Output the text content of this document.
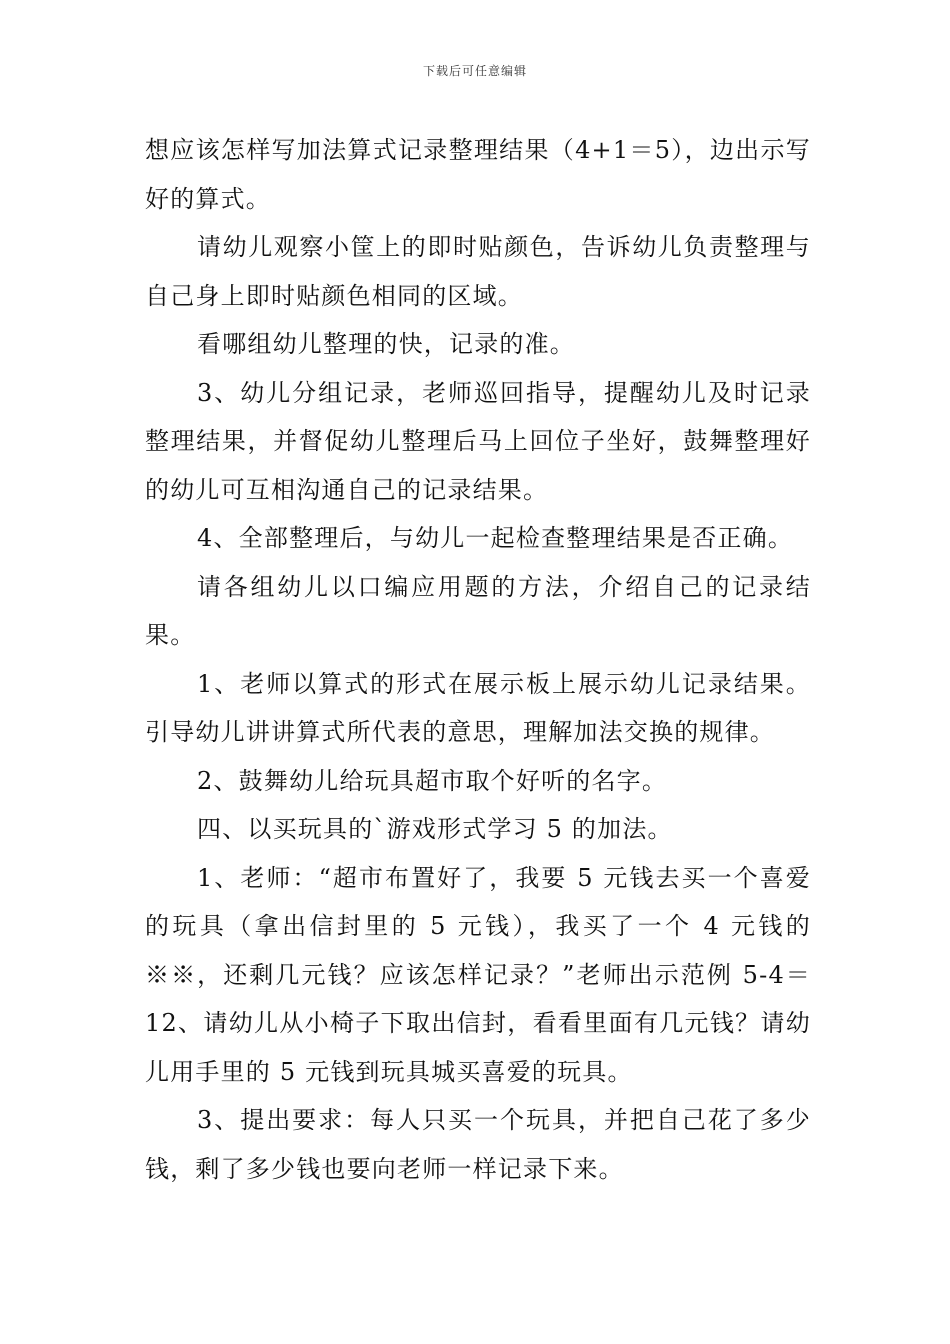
下载后可任意编辑

想应该怎样写加法算式记录整理结果（4+1＝5），边出示写好的算式。

请幼儿观察小筐上的即时贴颜色，告诉幼儿负责整理与自己身上即时贴颜色相同的区域。

看哪组幼儿整理的快，记录的准。

3、幼儿分组记录，老师巡回指导，提醒幼儿及时记录整理结果，并督促幼儿整理后马上回位子坐好，鼓舞整理好的幼儿可互相沟通自己的记录结果。

4、全部整理后，与幼儿一起检查整理结果是否正确。

请各组幼儿以口编应用题的方法，介绍自己的记录结果。

1、老师以算式的形式在展示板上展示幼儿记录结果。引导幼儿讲讲算式所代表的意思，理解加法交换的规律。

2、鼓舞幼儿给玩具超市取个好听的名字。

四、以买玩具的`游戏形式学习 5 的加法。

1、老师：“超市布置好了，我要 5 元钱去买一个喜爱的玩具（拿出信封里的 5 元钱），我买了一个 4 元钱的※※，还剩几元钱？应该怎样记录？”老师出示范例 5-4＝12、请幼儿从小椅子下取出信封，看看里面有几元钱？请幼儿用手里的 5 元钱到玩具城买喜爱的玩具。

3、提出要求：每人只买一个玩具，并把自己花了多少钱，剩了多少钱也要向老师一样记录下来。
